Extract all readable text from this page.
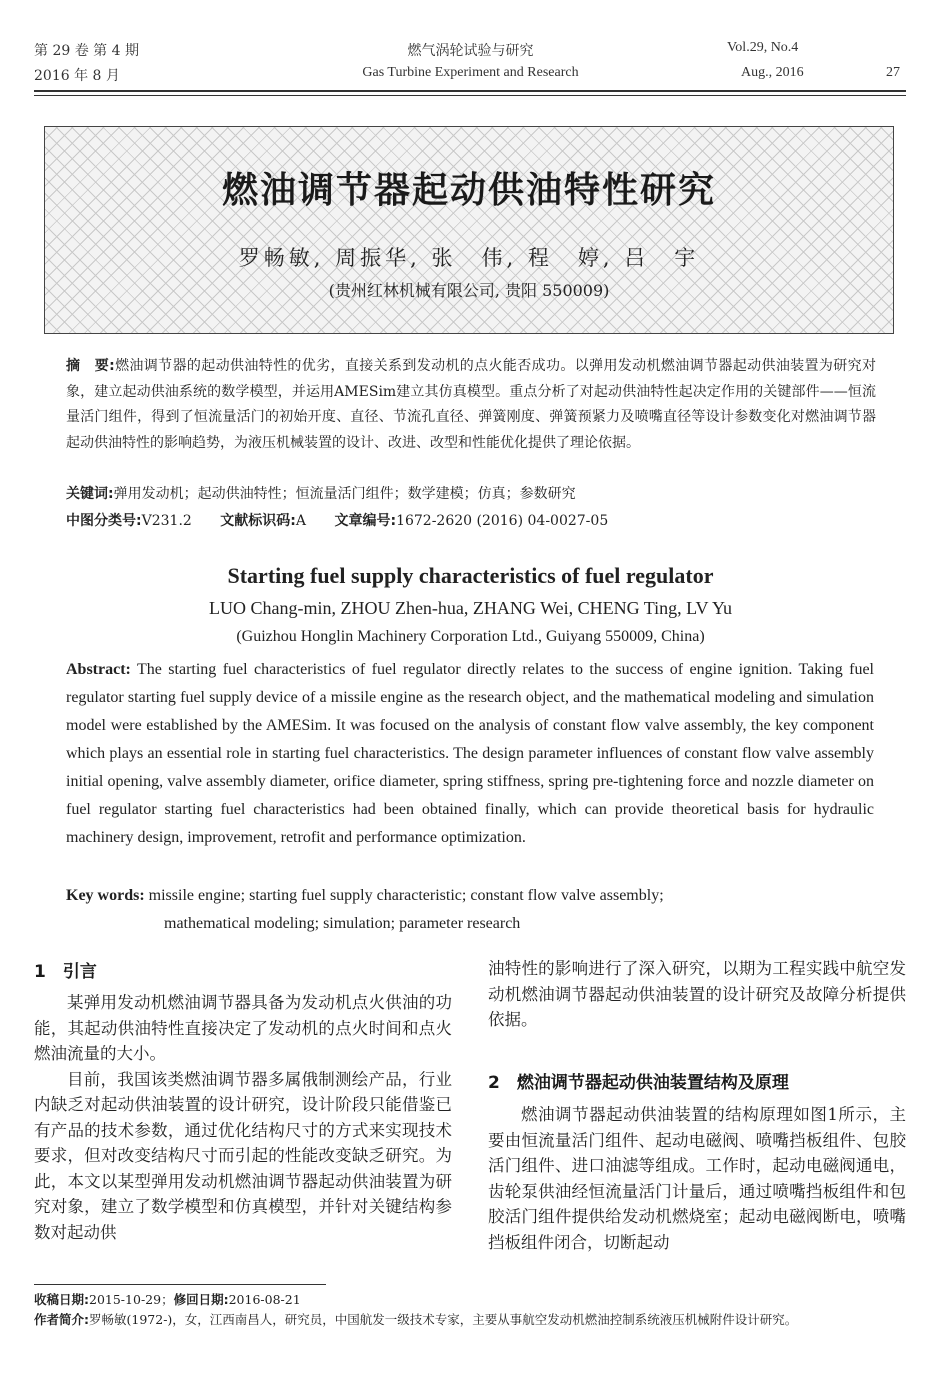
第 29 卷 第 4 期
2016 年 8 月
燃气涡轮试验与研究
Gas Turbine Experiment and Research
Vol.29, No.4
Aug., 2016	27
燃油调节器起动供油特性研究
罗畅敏, 周振华, 张　伟, 程　婷, 吕　宇
(贵州红林机械有限公司, 贵阳 550009)
摘　要:燃油调节器的起动供油特性的优劣，直接关系到发动机的点火能否成功。以弹用发动机燃油调节器起动供油装置为研究对象，建立起动供油系统的数学模型，并运用AMESim建立其仿真模型。重点分析了对起动供油特性起决定作用的关键部件——恒流量活门组件，得到了恒流量活门的初始开度、直径、节流孔直径、弹簧刚度、弹簧预紧力及喷嘴直径等设计参数变化对燃油调节器起动供油特性的影响趋势，为液压机械装置的设计、改进、改型和性能优化提供了理论依据。
关键词:弹用发动机；起动供油特性；恒流量活门组件；数学建模；仿真；参数研究
中图分类号:V231.2 文献标识码:A 文章编号:1672-2620 (2016) 04-0027-05
Starting fuel supply characteristics of fuel regulator
LUO Chang-min, ZHOU Zhen-hua, ZHANG Wei, CHENG Ting, LV Yu
(Guizhou Honglin Machinery Corporation Ltd., Guiyang 550009, China)
Abstract: The starting fuel characteristics of fuel regulator directly relates to the success of engine ignition. Taking fuel regulator starting fuel supply device of a missile engine as the research object, and the mathematical modeling and simulation model were established by the AMESim. It was focused on the analysis of constant flow valve assembly, the key component which plays an essential role in starting fuel characteristics. The design parameter influences of constant flow valve assembly initial opening, valve assembly diameter, orifice diameter, spring stiffness, spring pre-tightening force and nozzle diameter on fuel regulator starting fuel characteristics had been obtained finally, which can provide theoretical basis for hydraulic machinery design, improvement, retrofit and performance optimization.
Key words: missile engine; starting fuel supply characteristic; constant flow valve assembly;
mathematical modeling; simulation; parameter research
1　引言

某弹用发动机燃油调节器具备为发动机点火供油的功能，其起动供油特性直接决定了发动机的点火时间和点火燃油流量的大小。

目前，我国该类燃油调节器多属俄制测绘产品，行业内缺乏对起动供油装置的设计研究，设计阶段只能借鉴已有产品的技术参数，通过优化结构尺寸的方式来实现技术要求，但对改变结构尺寸而引起的性能改变缺乏研究。为此，本文以某型弹用发动机燃油调节器起动供油装置为研究对象，建立了数学模型和仿真模型，并针对关键结构参数对起动供

油特性的影响进行了深入研究，以期为工程实践中航空发动机燃油调节器起动供油装置的设计研究及故障分析提供依据。

2　燃油调节器起动供油装置结构及原理

燃油调节器起动供油装置的结构原理如图1所示，主要由恒流量活门组件、起动电磁阀、喷嘴挡板组件、包胶活门组件、进口油滤等组成。工作时，起动电磁阀通电，齿轮泵供油经恒流量活门计量后，通过喷嘴挡板组件和包胶活门组件提供给发动机燃烧室；起动电磁阀断电，喷嘴挡板组件闭合，切断起动

收稿日期:2015-10-29；修回日期:2016-08-21
作者简介:罗畅敏(1972-)，女，江西南昌人，研究员，中国航发一级技术专家，主要从事航空发动机燃油控制系统液压机械附件设计研究。
